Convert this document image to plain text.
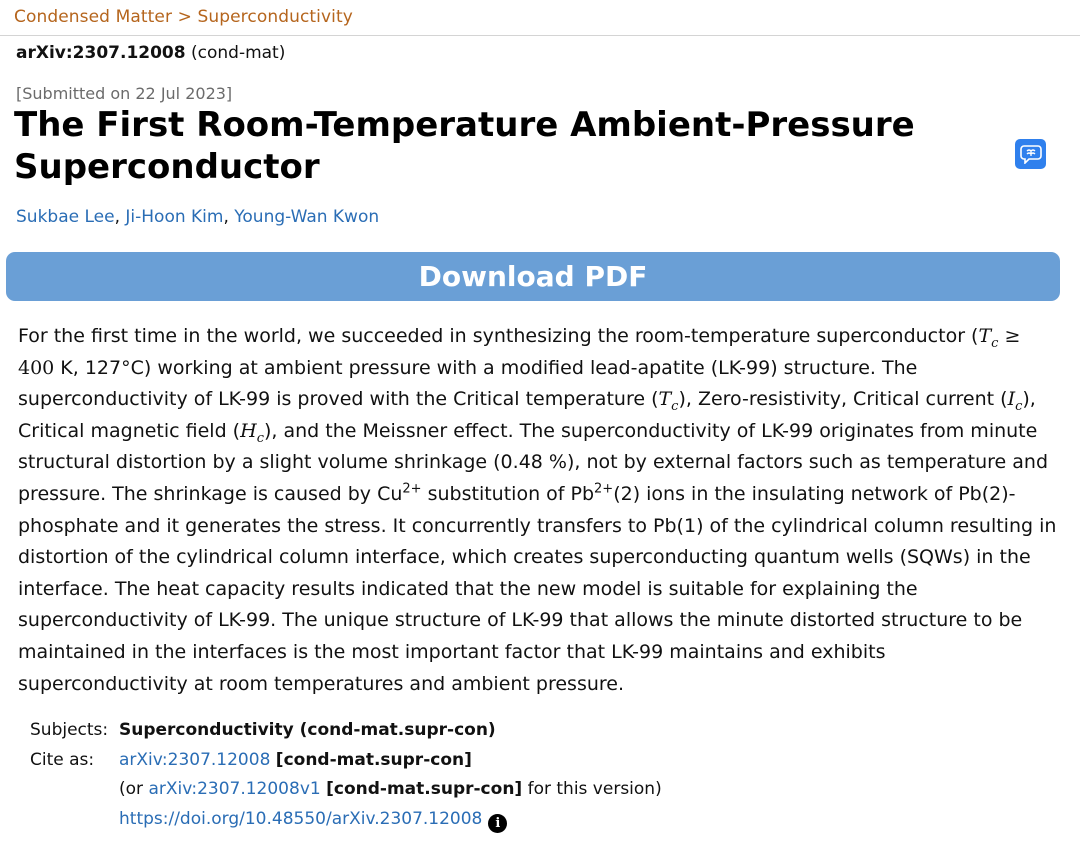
Condensed Matter > Superconductivity
arXiv:2307.12008 (cond-mat)
[Submitted on 22 Jul 2023]
The First Room-Temperature Ambient-Pressure Superconductor
Sukbae Lee, Ji-Hoon Kim, Young-Wan Kwon
Download PDF

For the first time in the world, we succeeded in synthesizing the room-temperature superconductor ($T_c \ge 400$ K, 127°C) working at ambient pressure with a modified lead-apatite (LK-99) structure. The superconductivity of LK-99 is proved with the Critical temperature $(T_c)$, Zero-resistivity, Critical current $(I_c)$, Critical magnetic field $(H_c)$, and the Meissner effect. The superconductivity of LK-99 originates from minute structural distortion by a slight volume shrinkage (0.48 %), not by external factors such as temperature and pressure. The shrinkage is caused by $Cu^{2+}$ substitution of $Pb^{2+}(2)$ ions in the insulating network of Pb(2)-phosphate and it generates the stress. It concurrently transfers to Pb(1) of the cylindrical column resulting in distortion of the cylindrical column interface, which creates superconducting quantum wells (SQWs) in the interface. The heat capacity results indicated that the new model is suitable for explaining the superconductivity of LK-99. The unique structure of LK-99 that allows the minute distorted structure to be maintained in the interfaces is the most important factor that LK-99 maintains and exhibits superconductivity at room temperatures and ambient pressure.

Subjects: Superconductivity (cond-mat.supr-con)
Cite as:	arXiv:2307.12008 [cond-mat.supr-con]
(or arXiv:2307.12008v1 [cond-mat.supr-con] for this version)
https://doi.org/10.48550/arXiv.2307.12008 i
